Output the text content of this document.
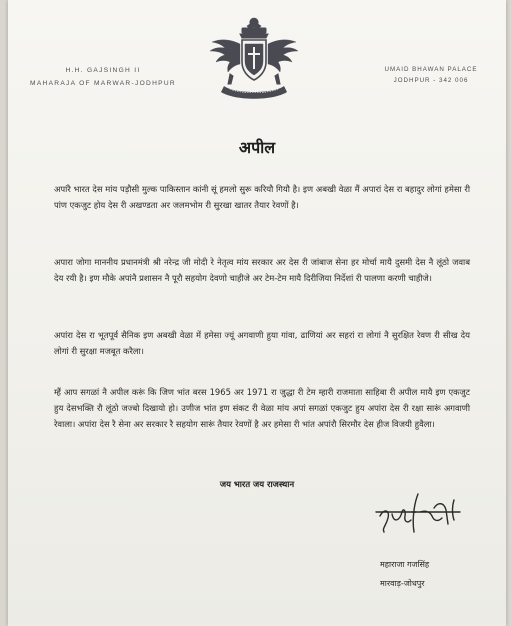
H.H. GAJSINGH II
MAHARAJA OF MARWAR-JODHPUR
UMAID BHAWAN PALACE
JODHPUR - 342 006
अपील
अपांरै भारत देस मांय पड़ौसी मुल्क पाकिस्तान कांनी सूं हमलो सुरू करियौ गियौ है। इण अबखी वेळा मैं अपारां देस रा बहादुर लोगां हमेसा री पांण एकजुट होय देस री अखण्डता अर जलमभोम री सुरखा खातर तैयार रेवणों है।
अपारा जोगा माननीय प्रधानमंत्री श्री नरेन्द्र जी मोदी रे नेतृत्व मांय सरकार अर देस री जांबाज सेना हर मोर्चा मायै दुसमी देस नै लूंठो जवाब देय रयी है। इण मौके अपांनै प्रशासन नै पूरौ सहयोग देवणो चाहीजे अर टेम-टेम मायै दिरीजिया निर्देशां री पालणा करणी चाहीजे।
अपांरा देस रा भूतपूर्व सैनिक इण अबखी वेळा में हमेसा ज्यूं अगवाणी हुया गांवा, ढाणियां अर सहरां रा लोगां नै सुरक्षित रेवण री सीख देय लोगां री सुरक्षा मजबूत करैला।
म्हैं आप सगळां नै अपील करूं कि जिण भांत बरस 1965 अर 1971 रा जुद्धा री टेम म्हारी राजमाता साहिबा री अपील मायै इण एकजुट हुय देसभक्ति रौ लूंठो जज्बो दिखायो हो। उणीज भांत इण संकट री वेळा मांय अपां सगळां एकजुट हुय अपांरा देस री रक्षा सारूं अगवाणी रेवाला। अपांरा देस रै सेना अर सरकार रै सहयोग सारूं तैयार रेवणों है अर हमेसा री भांत अपांरौ सिरमौर देस हीज विजयी हुवैला।
जय भारत जय राजस्थान
महाराजा गजसिंह
मारवाड़-जोधपुर
